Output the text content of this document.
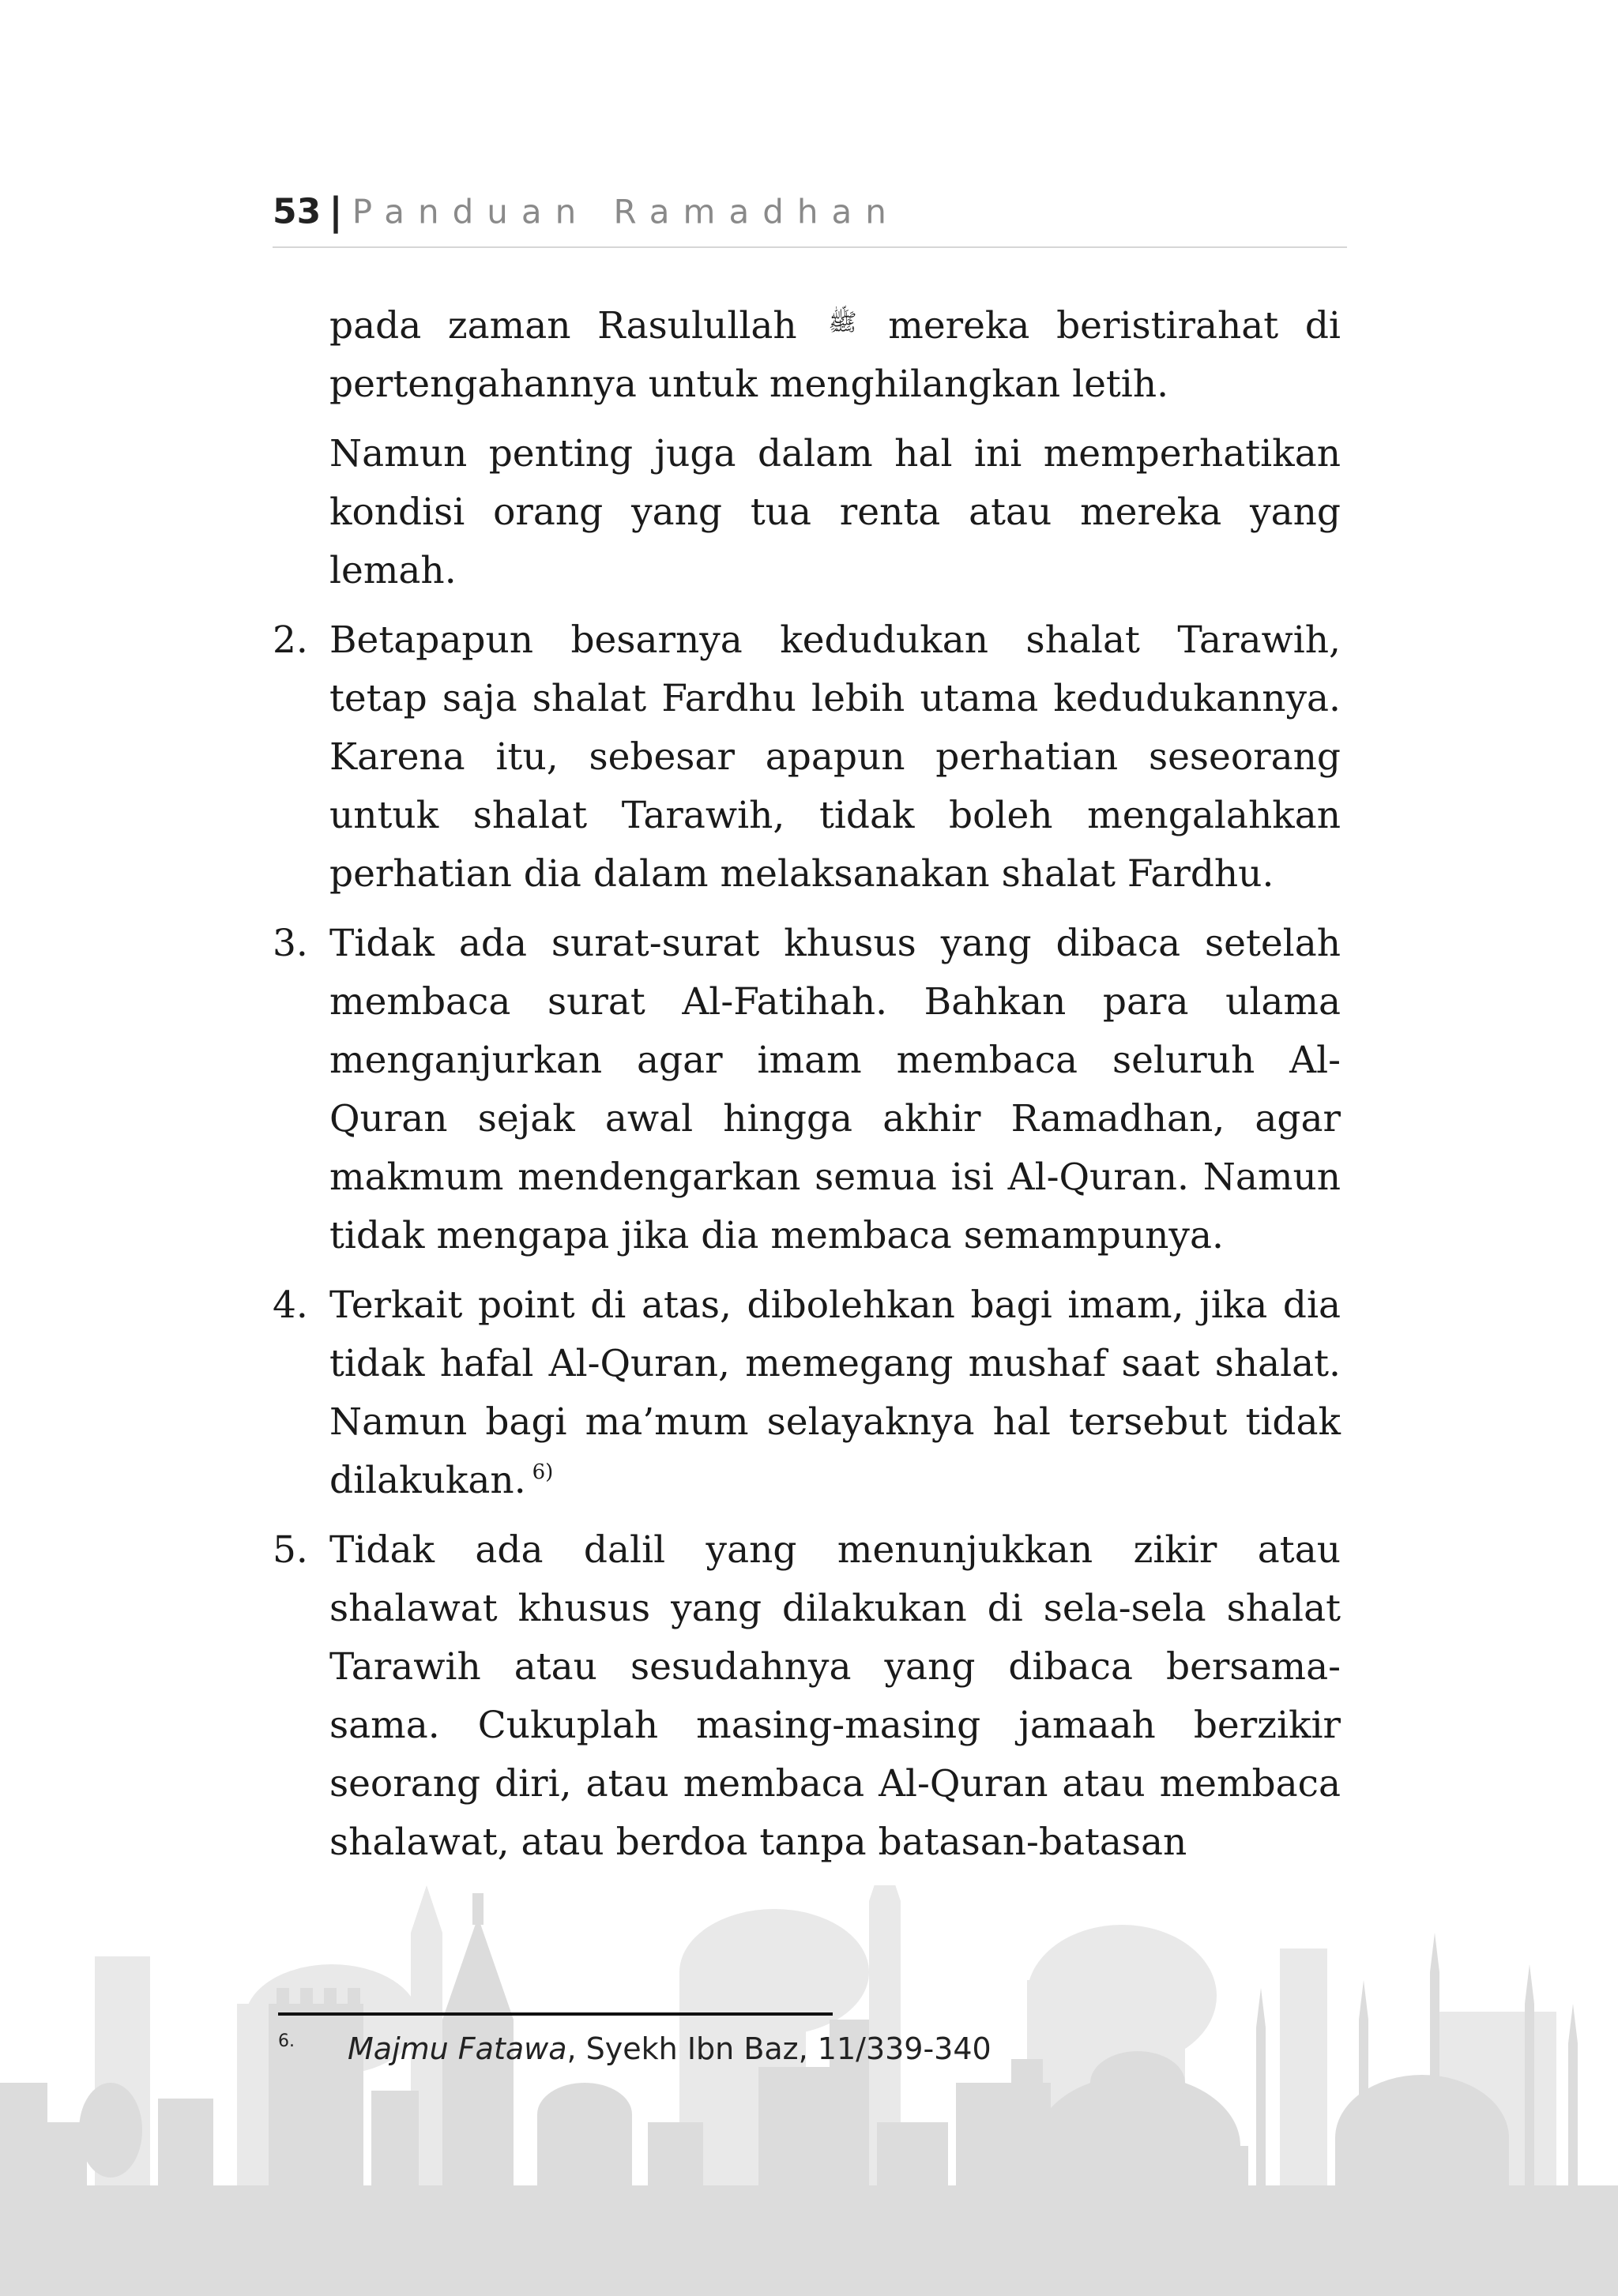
53 | Panduan Ramadhan

pada zaman Rasulullah ﷺ mereka beristirahat di pertengahannya untuk menghilangkan letih.

Namun penting juga dalam hal ini memperhatikan kondisi orang yang tua renta atau mereka yang lemah.

2. Betapapun besarnya kedudukan shalat Tarawih, tetap saja shalat Fardhu lebih utama kedudukannya. Karena itu, sebesar apapun perhatian seseorang untuk shalat Tarawih, tidak boleh mengalahkan perhatian dia dalam melaksanakan shalat Fardhu.
3. Tidak ada surat-surat khusus yang dibaca setelah membaca surat Al-Fatihah. Bahkan para ulama menganjurkan agar imam membaca seluruh Al-Quran sejak awal hingga akhir Ramadhan, agar makmum mendengarkan semua isi Al-Quran. Namun tidak mengapa jika dia membaca semampunya.
4. Terkait point di atas, dibolehkan bagi imam, jika dia tidak hafal Al-Quran, memegang mushaf saat shalat. Namun bagi ma’mum selayaknya hal tersebut tidak dilakukan. $^{6)}$
5. Tidak ada dalil yang menunjukkan zikir atau shalawat khusus yang dilakukan di sela-sela shalat Tarawih atau sesudahnya yang dibaca bersama-sama. Cukuplah masing-masing jamaah berzikir seorang diri, atau membaca Al-Quran atau membaca shalawat, atau berdoa tanpa batasan-batasan
6. Majmu Fatawa, Syekh Ibn Baz, 11/339-340
